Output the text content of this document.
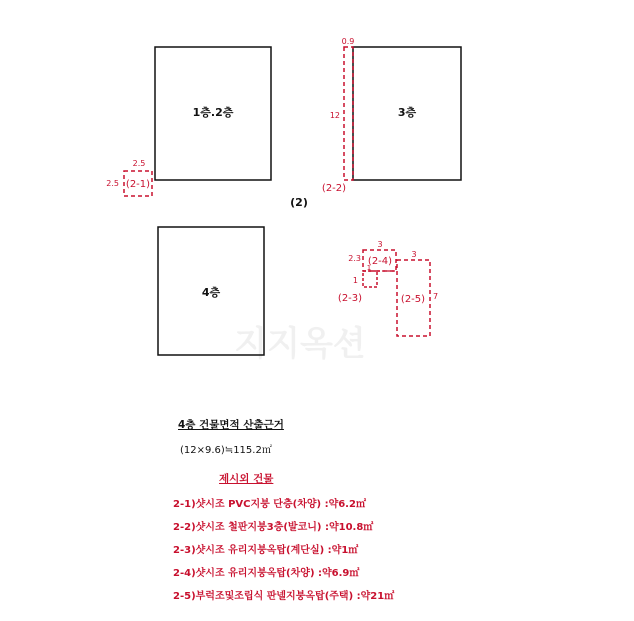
지지옥션
1층.2층
(2-1)
2.5
2.5
3층
0.9
12
(2-2)
(2)
4층
1
1
(2-3)
(2-4)
3
2.3
(2-5)
3
7
4층 건물면적 산출근거
(12×9.6)≒115.2㎡
제시외 건물
2-1)샷시조 PVC지붕 단층(차양) :약6.2㎡
2-2)샷시조 철판지붕3층(발코니) :약10.8㎡
2-3)샷시조 유리지붕옥탑(계단실) :약1㎡
2-4)샷시조 유리지붕옥탑(차양) :약6.9㎡
2-5)부럭조및조립식 판넬지붕옥탑(주택) :약21㎡
